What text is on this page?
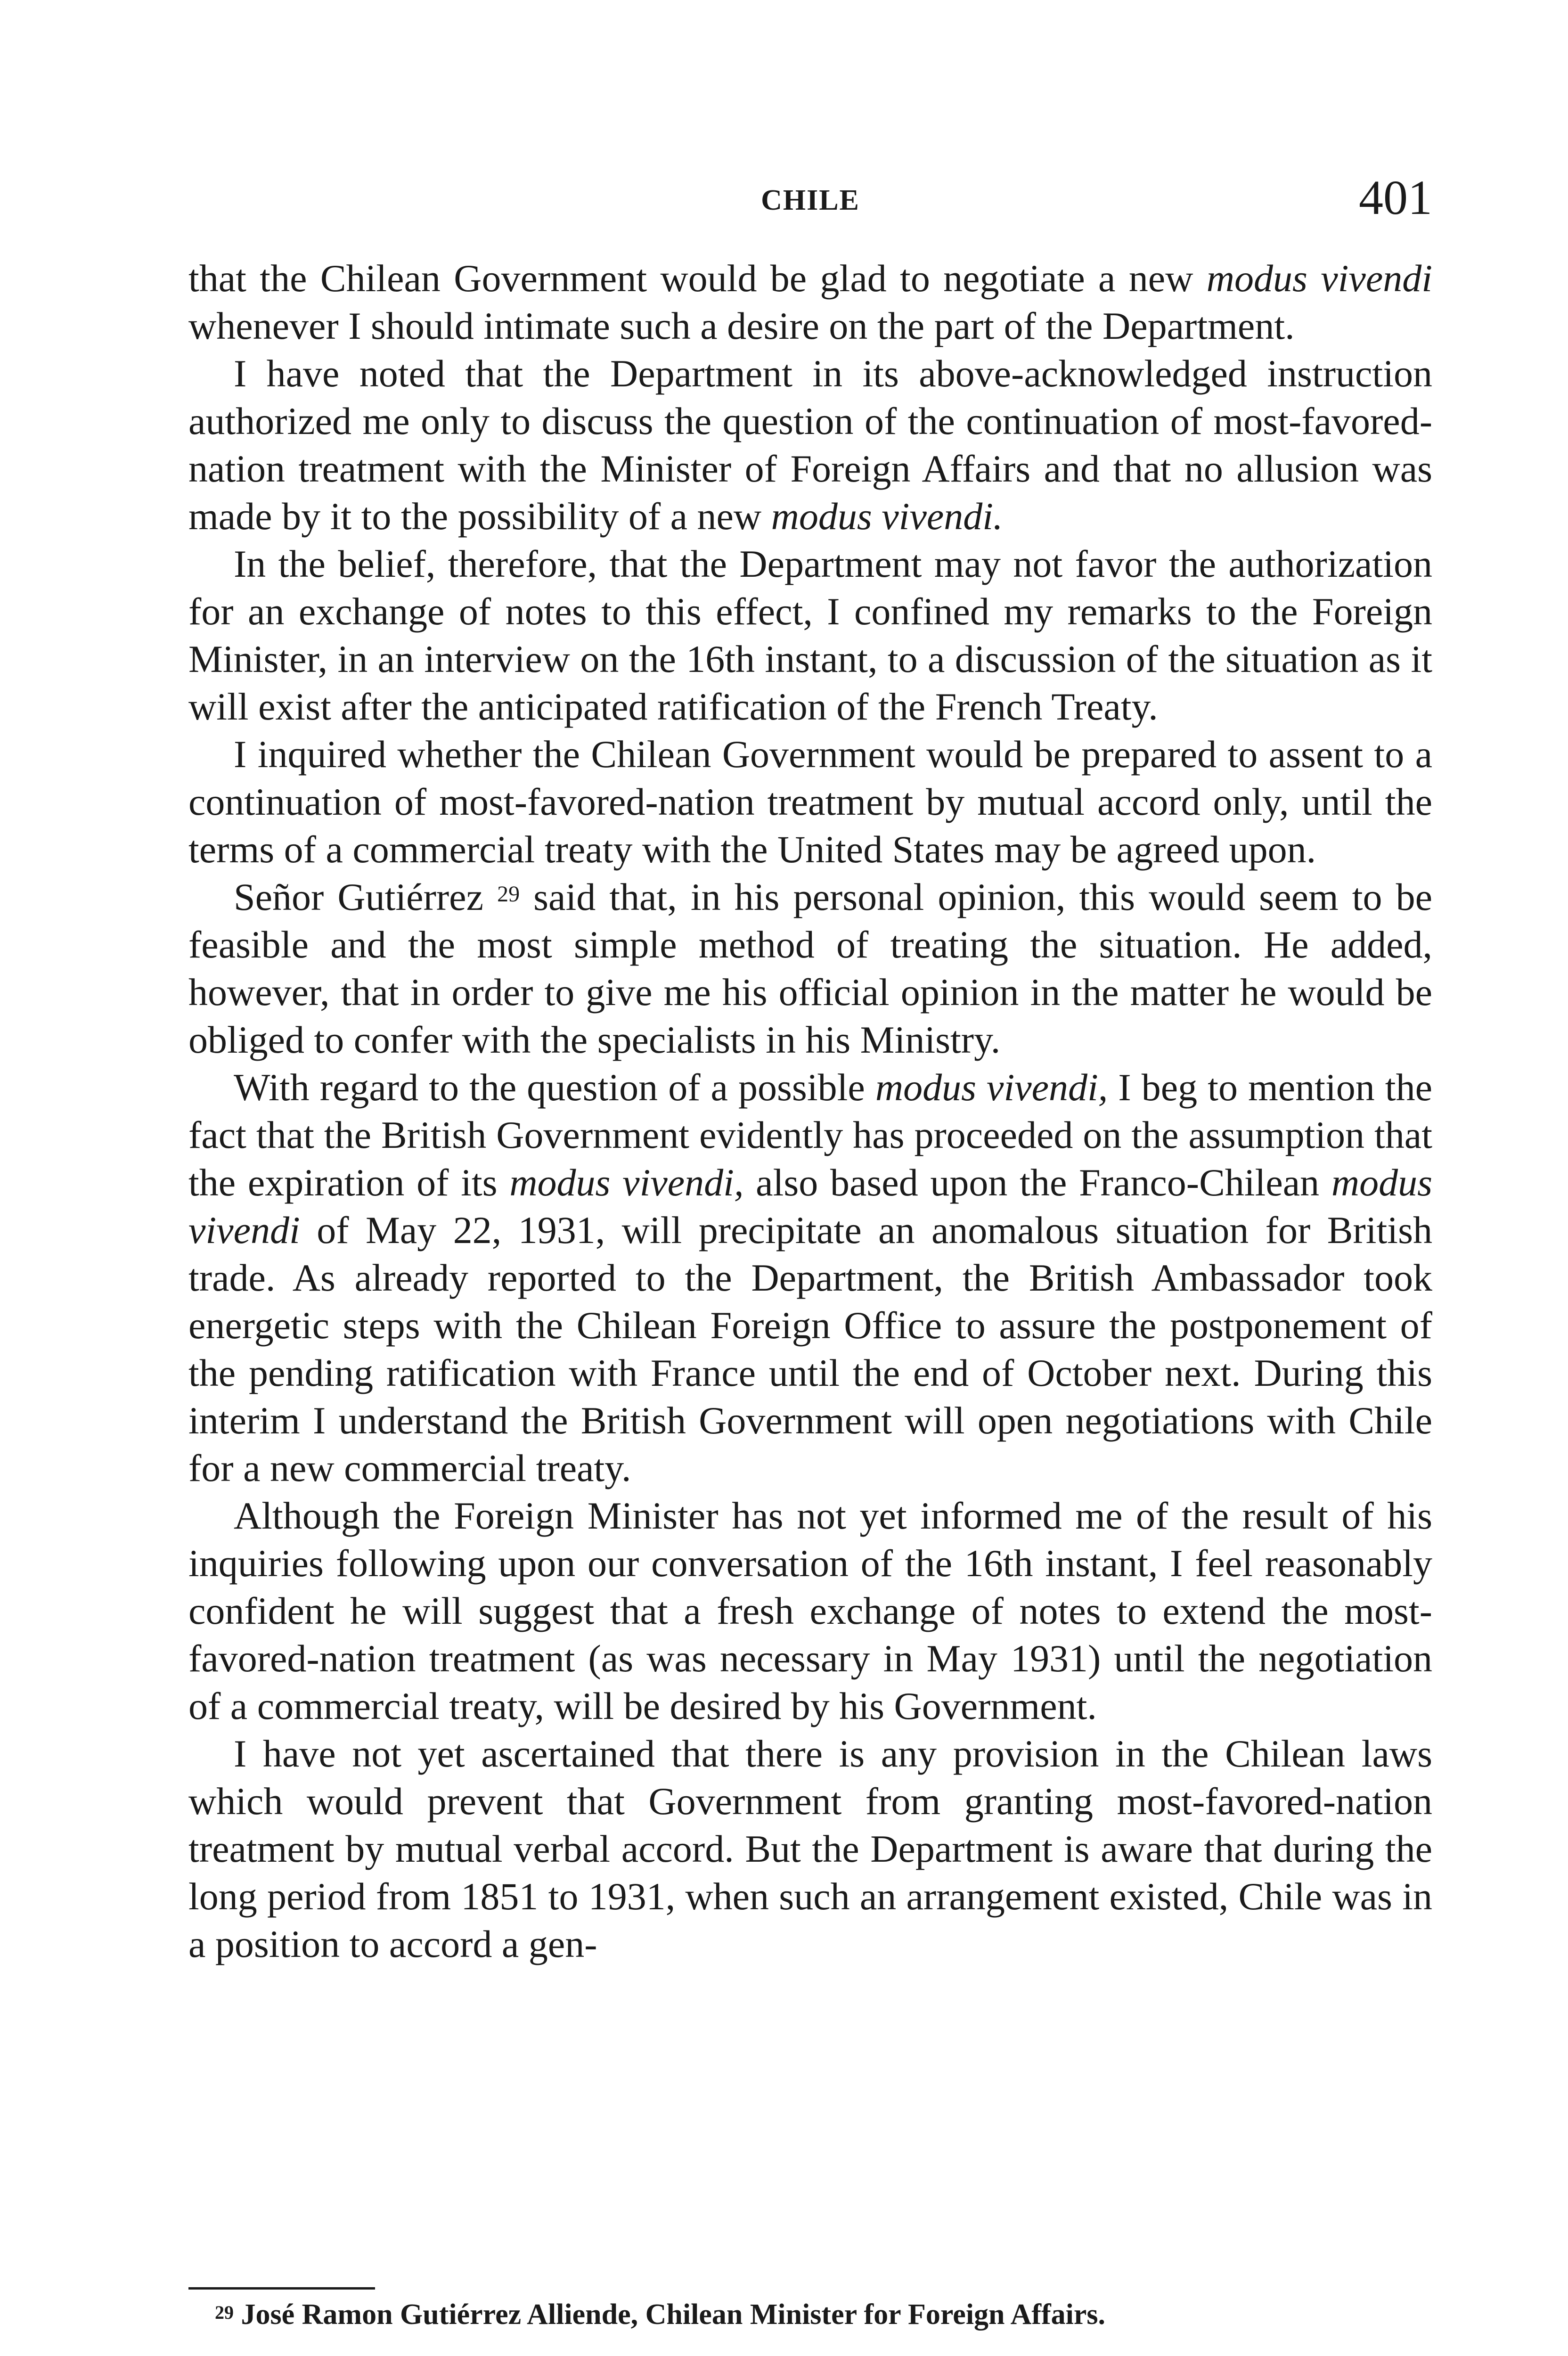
CHILE	401

that the Chilean Government would be glad to negotiate a new modus vivendi whenever I should intimate such a desire on the part of the Department.

I have noted that the Department in its above-acknowledged instruction authorized me only to discuss the question of the continuation of most-favored-nation treatment with the Minister of Foreign Affairs and that no allusion was made by it to the possibility of a new modus vivendi.

In the belief, therefore, that the Department may not favor the authorization for an exchange of notes to this effect, I confined my remarks to the Foreign Minister, in an interview on the 16th instant, to a discussion of the situation as it will exist after the anticipated ratification of the French Treaty.

I inquired whether the Chilean Government would be prepared to assent to a continuation of most-favored-nation treatment by mutual accord only, until the terms of a commercial treaty with the United States may be agreed upon.

Señor Gutiérrez $^{29}$ said that, in his personal opinion, this would seem to be feasible and the most simple method of treating the situation. He added, however, that in order to give me his official opinion in the matter he would be obliged to confer with the specialists in his Ministry.

With regard to the question of a possible modus vivendi, I beg to mention the fact that the British Government evidently has proceeded on the assumption that the expiration of its modus vivendi, also based upon the Franco-Chilean modus vivendi of May 22, 1931, will precipitate an anomalous situation for British trade. As already reported to the Department, the British Ambassador took energetic steps with the Chilean Foreign Office to assure the postponement of the pending ratification with France until the end of October next. During this interim I understand the British Government will open negotiations with Chile for a new commercial treaty.

Although the Foreign Minister has not yet informed me of the result of his inquiries following upon our conversation of the 16th instant, I feel reasonably confident he will suggest that a fresh exchange of notes to extend the most-favored-nation treatment (as was necessary in May 1931) until the negotiation of a commercial treaty, will be desired by his Government.

I have not yet ascertained that there is any provision in the Chilean laws which would prevent that Government from granting most-favored-nation treatment by mutual verbal accord. But the Department is aware that during the long period from 1851 to 1931, when such an arrangement existed, Chile was in a position to accord a gen-

$^{29}$ José Ramon Gutiérrez Alliende, Chilean Minister for Foreign Affairs.
